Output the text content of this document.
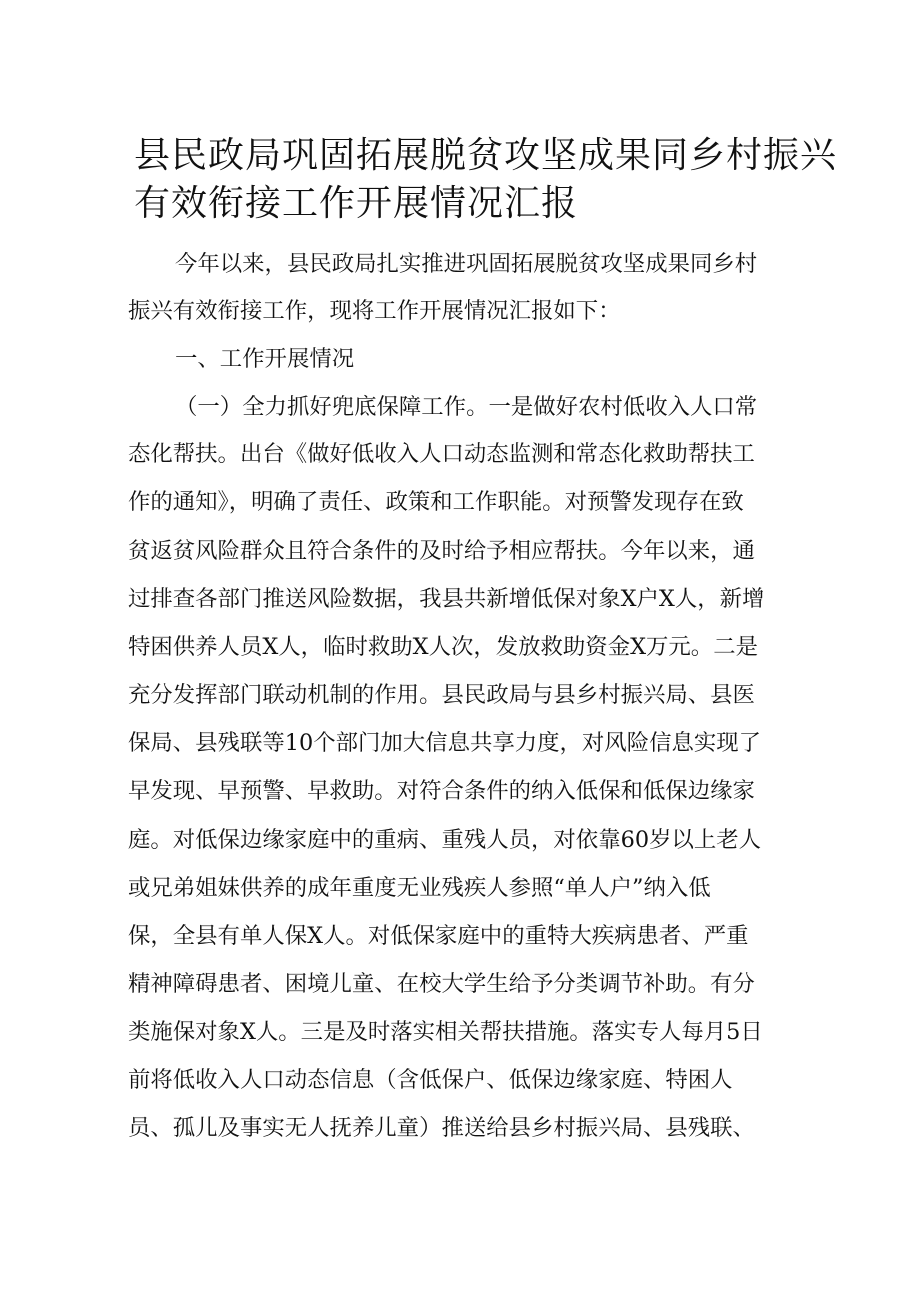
县民政局巩固拓展脱贫攻坚成果同乡村振兴
有效衔接工作开展情况汇报
今年以来，县民政局扎实推进巩固拓展脱贫攻坚成果同乡村
振兴有效衔接工作，现将工作开展情况汇报如下：
一、工作开展情况
（一）全力抓好兜底保障工作。一是做好农村低收入人口常
态化帮扶。出台《做好低收入人口动态监测和常态化救助帮扶工
作的通知》，明确了责任、政策和工作职能。对预警发现存在致
贫返贫风险群众且符合条件的及时给予相应帮扶。今年以来，通
过排查各部门推送风险数据，我县共新增低保对象X户X人，新增
特困供养人员X人，临时救助X人次，发放救助资金X万元。二是
充分发挥部门联动机制的作用。县民政局与县乡村振兴局、县医
保局、县残联等10个部门加大信息共享力度，对风险信息实现了
早发现、早预警、早救助。对符合条件的纳入低保和低保边缘家
庭。对低保边缘家庭中的重病、重残人员，对依靠60岁以上老人
或兄弟姐妹供养的成年重度无业残疾人参照“单人户”纳入低
保，全县有单人保X人。对低保家庭中的重特大疾病患者、严重
精神障碍患者、困境儿童、在校大学生给予分类调节补助。有分
类施保对象X人。三是及时落实相关帮扶措施。落实专人每月5日
前将低收入人口动态信息（含低保户、低保边缘家庭、特困人
员、孤儿及事实无人抚养儿童）推送给县乡村振兴局、县残联、
